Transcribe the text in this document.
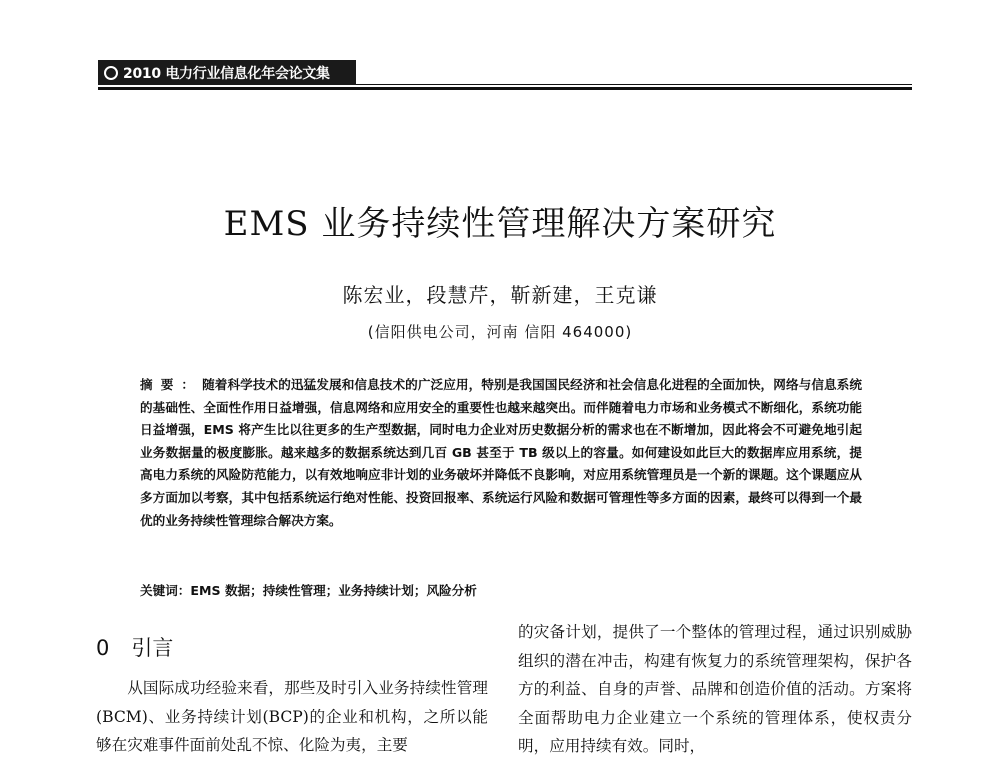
2010 电力行业信息化年会论文集
EMS 业务持续性管理解决方案研究
陈宏业，段慧芹，靳新建，王克谦
(信阳供电公司，河南 信阳 464000)
摘要：随着科学技术的迅猛发展和信息技术的广泛应用，特别是我国国民经济和社会信息化进程的全面加快，网络与信息系统的基础性、全面性作用日益增强，信息网络和应用安全的重要性也越来越突出。而伴随着电力市场和业务模式不断细化，系统功能日益增强，EMS 将产生比以往更多的生产型数据，同时电力企业对历史数据分析的需求也在不断增加，因此将会不可避免地引起业务数据量的极度膨胀。越来越多的数据系统达到几百 GB 甚至于 TB 级以上的容量。如何建设如此巨大的数据库应用系统，提高电力系统的风险防范能力，以有效地响应非计划的业务破坏并降低不良影响，对应用系统管理员是一个新的课题。这个课题应从多方面加以考察，其中包括系统运行绝对性能、投资回报率、系统运行风险和数据可管理性等多方面的因素，最终可以得到一个最优的业务持续性管理综合解决方案。
关键词：EMS 数据；持续性管理；业务持续计划；风险分析
0 引言
从国际成功经验来看，那些及时引入业务持续性管理(BCM)、业务持续计划(BCP)的企业和机构，之所以能够在灾难事件面前处乱不惊、化险为夷，主要
的灾备计划，提供了一个整体的管理过程，通过识别威胁组织的潜在冲击，构建有恢复力的系统管理架构，保护各方的利益、自身的声誉、品牌和创造价值的活动。方案将全面帮助电力企业建立一个系统的管理体系，使权责分明，应用持续有效。同时，
